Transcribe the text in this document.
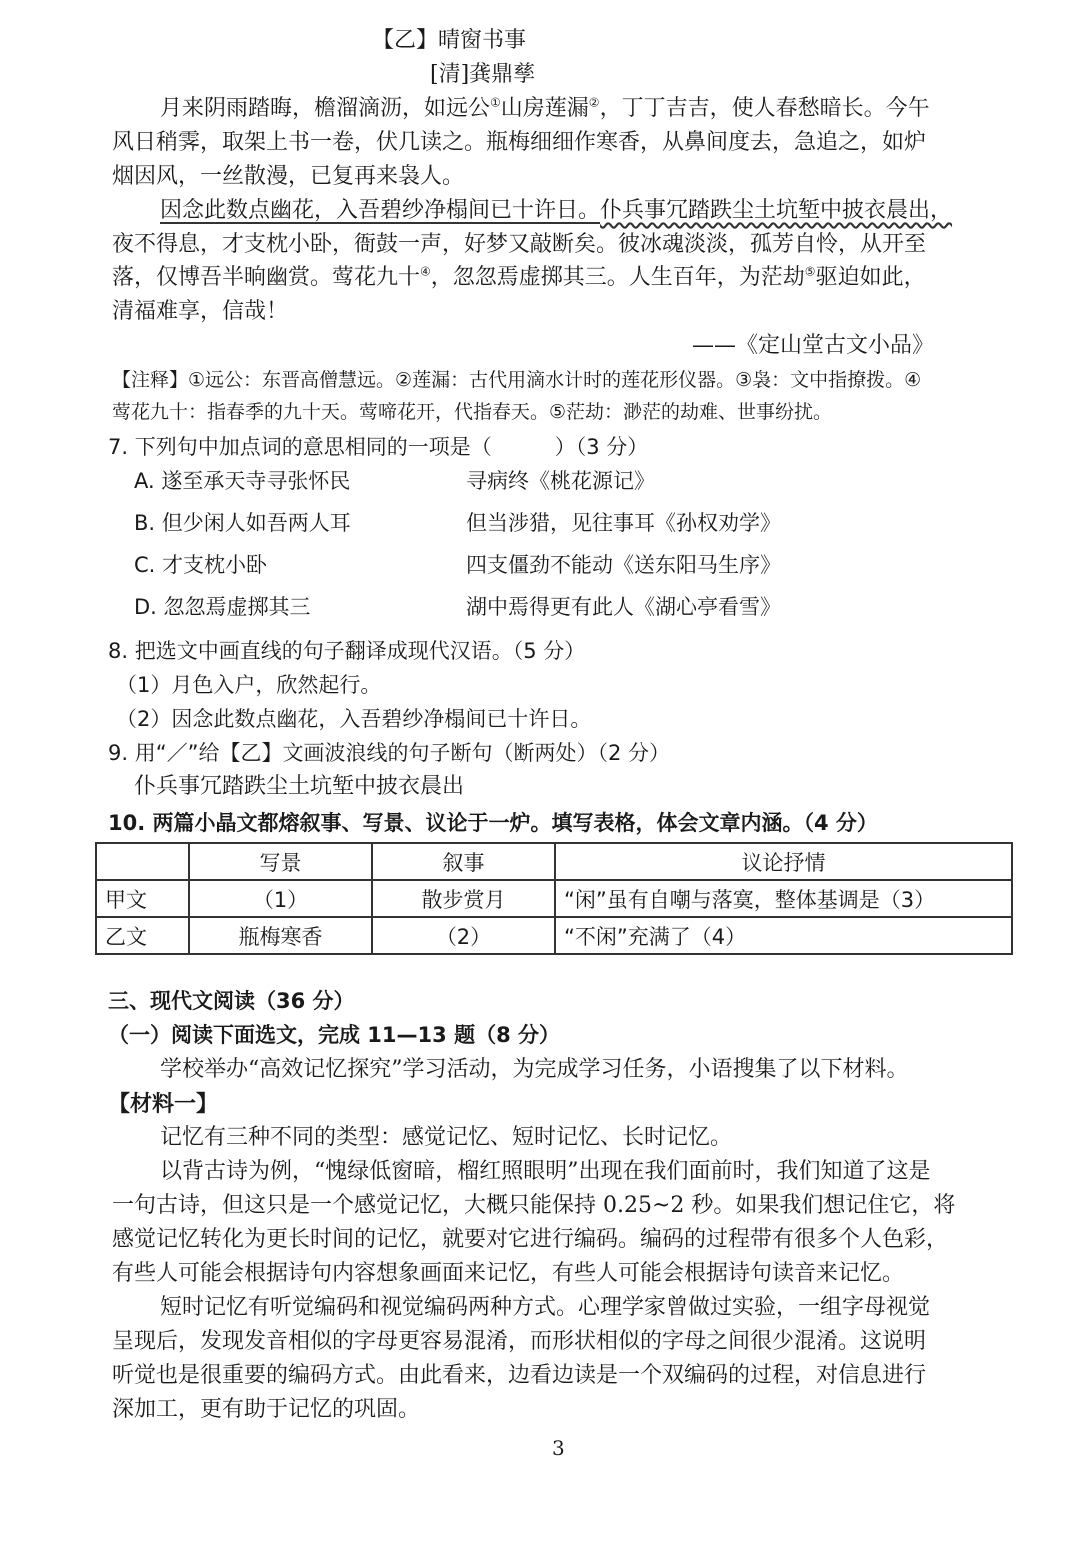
【乙】晴窗书事
[清]龚鼎孳
月来阴雨踏晦，檐溜滴沥，如远公①山房莲漏②，丁丁吉吉，使人春愁暗长。今午
风日稍霁，取架上书一卷，伏几读之。瓶梅细细作寒香，从鼻间度去，急追之，如炉
烟因风，一丝散漫，已复再来袅人。
因念此数点幽花，入吾碧纱净榻间已十许日。仆兵事冗踏跌尘土坑堑中披衣晨出，
夜不得息，才支枕小卧，衙鼓一声，好梦又敲断矣。彼冰魂淡淡，孤芳自怜，从开至
落，仅博吾半晌幽赏。莺花九十④，忽忽焉虚掷其三。人生百年，为茫劫⑤驱迫如此，
清福难享，信哉！
——《定山堂古文小品》
【注释】①远公：东晋高僧慧远。②莲漏：古代用滴水计时的莲花形仪器。③袅：文中指撩拨。④
莺花九十：指春季的九十天。莺啼花开，代指春天。⑤茫劫：渺茫的劫难、世事纷扰。
7. 下列句中加点词的意思相同的一项是（　　　）（3 分）
A. 遂至承天寺寻张怀民	寻病终《桃花源记》
B. 但少闲人如吾两人耳	但当涉猎，见往事耳《孙权劝学》
C. 才支枕小卧	四支僵劲不能动《送东阳马生序》
D. 忽忽焉虚掷其三	湖中焉得更有此人《湖心亭看雪》
8. 把选文中画直线的句子翻译成现代汉语。（5 分）
（1）月色入户，欣然起行。
（2）因念此数点幽花，入吾碧纱净榻间已十许日。
9. 用“／”给【乙】文画波浪线的句子断句（断两处）（2 分）
仆兵事冗踏跌尘土坑堑中披衣晨出
10. 两篇小晶文都熔叙事、写景、议论于一炉。填写表格，体会文章内涵。（4 分）
	写景	叙事	议论抒情
甲文	（1）	散步赏月	“闲”虽有自嘲与落寞，整体基调是（3）
乙文	瓶梅寒香	（2）	“不闲”充满了（4）
三、现代文阅读（36 分）
（一）阅读下面选文，完成 11—13 题（8 分）
学校举办“高效记忆探究”学习活动，为完成学习任务，小语搜集了以下材料。
【材料一】
记忆有三种不同的类型：感觉记忆、短时记忆、长时记忆。
以背古诗为例，“愧绿低窗暗，榴红照眼明”出现在我们面前时，我们知道了这是
一句古诗，但这只是一个感觉记忆，大概只能保持 0.25~2 秒。如果我们想记住它，将
感觉记忆转化为更长时间的记忆，就要对它进行编码。编码的过程带有很多个人色彩，
有些人可能会根据诗句内容想象画面来记忆，有些人可能会根据诗句读音来记忆。
短时记忆有听觉编码和视觉编码两种方式。心理学家曾做过实验，一组字母视觉
呈现后，发现发音相似的字母更容易混淆，而形状相似的字母之间很少混淆。这说明
听觉也是很重要的编码方式。由此看来，边看边读是一个双编码的过程，对信息进行
深加工，更有助于记忆的巩固。
3
